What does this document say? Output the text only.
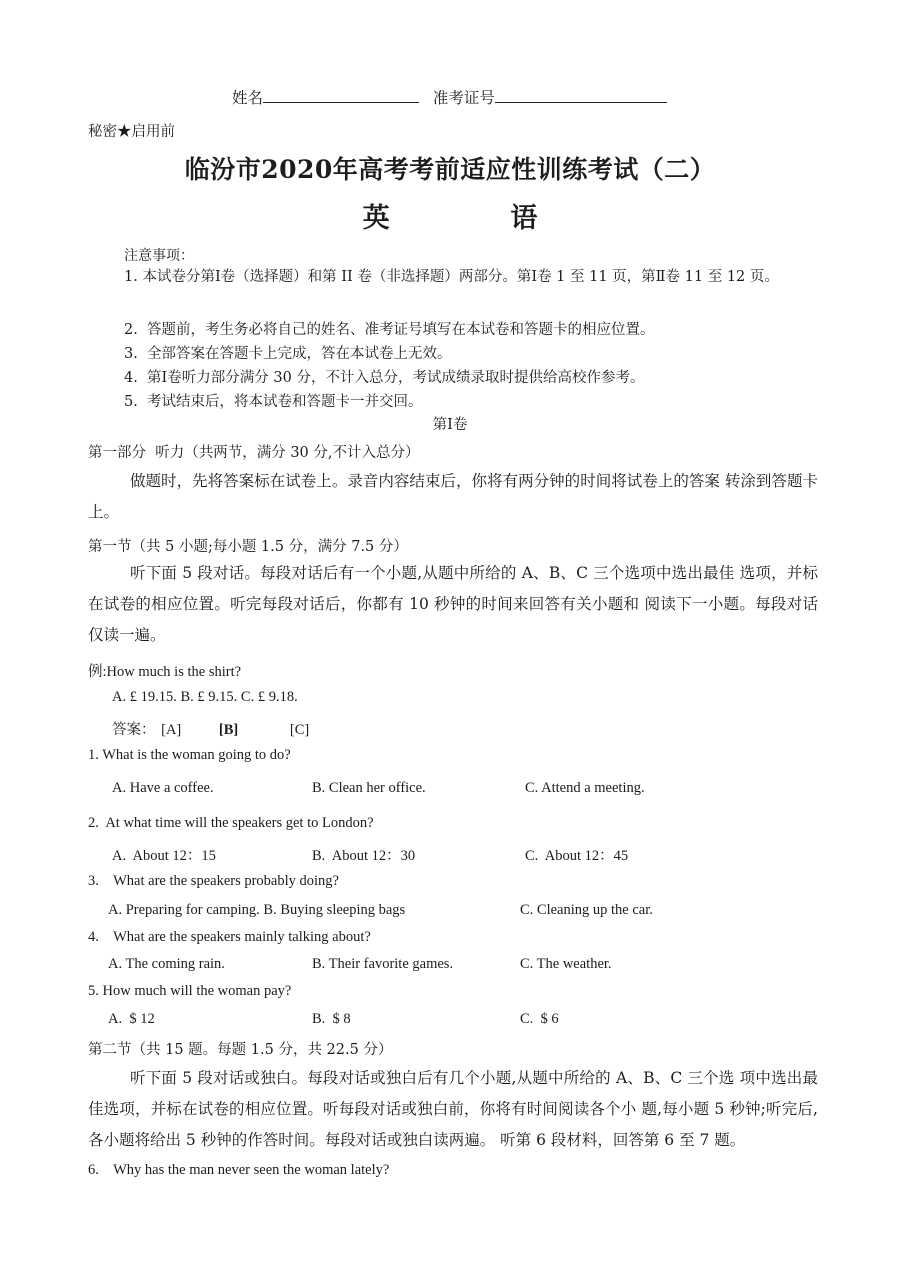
姓名	准考证号
秘密★启用前
临汾市2020年高考考前适应性训练考试（二）
英  语
注意事项：
1. 本试卷分第Ⅰ卷（选择题）和第 II 卷（非选择题）两部分。第Ⅰ卷 1 至 11 页，第Ⅱ卷 11 至 12 页。
2.  答题前，考生务必将自己的姓名、准考证号填写在本试卷和答题卡的相应位置。
3.  全部答案在答题卡上完成，答在本试卷上无效。
4.  第Ⅰ卷听力部分满分 30 分，不计入总分，考试成绩录取时提供给高校作参考。
5.  考试结束后，将本试卷和答题卡一并交回。
第Ⅰ卷
第一部分  听力（共两节，满分 30 分,不计入总分）
做题时，先将答案标在试卷上。录音内容结束后，你将有两分钟的时间将试卷上的答案 转涂到答题卡上。
第一节（共 5 小题;每小题 1.5 分，满分 7.5 分）
听下面 5 段对话。每段对话后有一个小题,从题中所给的 A、B、C 三个选项中选出最佳 选项，并标在试卷的相应位置。听完每段对话后，你都有 10 秒钟的时间来回答有关小题和 阅读下一小题。每段对话仅读一遍。
例:How much is the shirt?
A. £ 19.15. B. £ 9.15. C. £ 9.18.
答案： [A]	[B]	[C]
1. What is the woman going to do?
A. Have a coffee.	B. Clean her office.	C. Attend a meeting.
2.  At what time will the speakers get to London?
A.  About 12：15	B.  About 12：30	C.  About 12：45
3.    What are the speakers probably doing?
A. Preparing for camping. B. Buying sleeping bags	C. Cleaning up the car.
4.    What are the speakers mainly talking about?
A. The coming rain.	B. Their favorite games.	C. The weather.
5. How much will the woman pay?
A.  $ 12	B.  $ 8	C.  $ 6
第二节（共 15 题。每题 1.5 分，共 22.5 分）
听下面 5 段对话或独白。每段对话或独白后有几个小题,从题中所给的 A、B、C 三个选 项中选出最佳选项，并标在试卷的相应位置。听每段对话或独白前，你将有时间阅读各个小 题,每小题 5 秒钟;听完后,各小题将给出 5 秒钟的作答时间。每段对话或独白读两遍。 听第 6 段材料，回答第 6 至 7 题。
6.    Why has the man never seen the woman lately?
